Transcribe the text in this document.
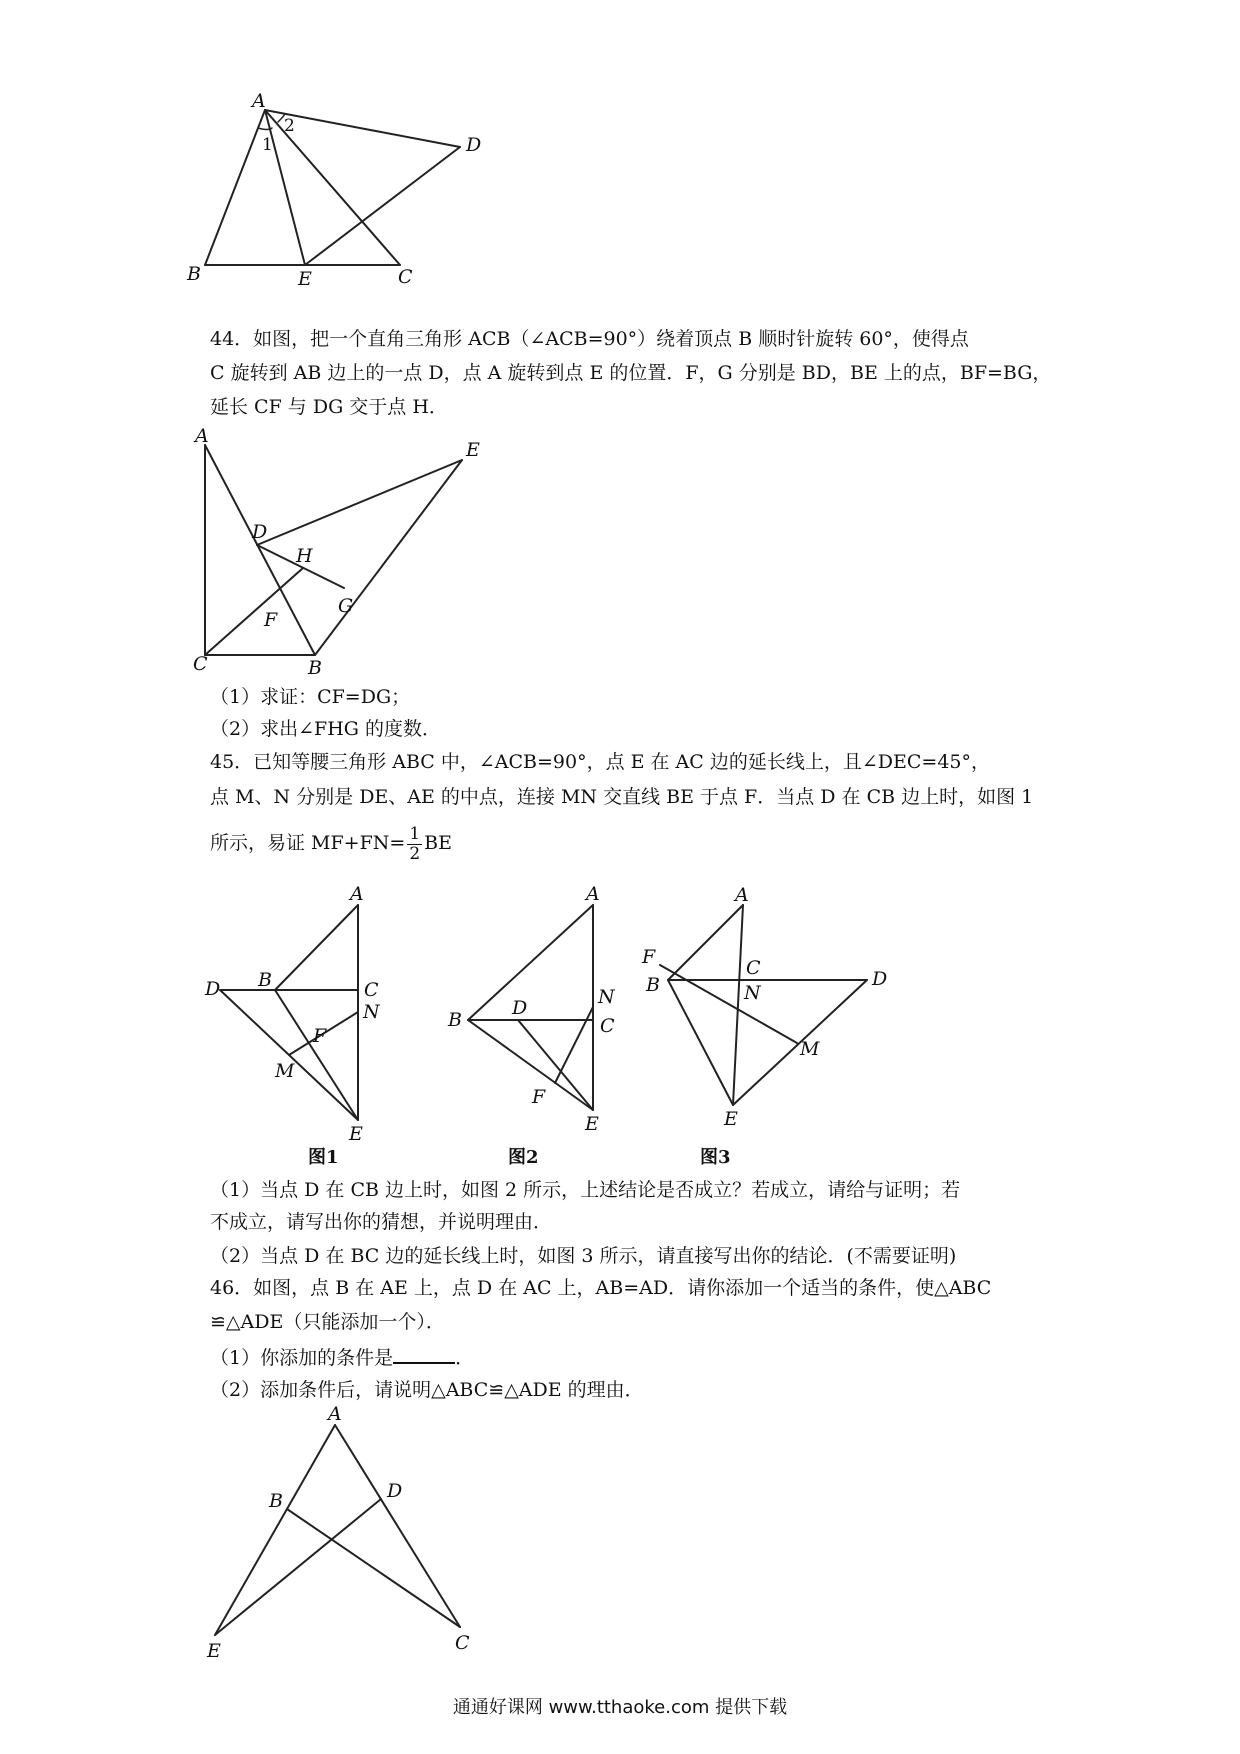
A
1
2
D
B	E	C
44．如图，把一个直角三角形 ACB（∠ACB=90°）绕着顶点 B 顺时针旋转 60°，使得点
C 旋转到 AB 边上的一点 D，点 A 旋转到点 E 的位置．F，G 分别是 BD，BE 上的点，BF=BG，
延长 CF 与 DG 交于点 H．
A
E
D
H
G
F
C	B
（1）求证：CF=DG；
（2）求出∠FHG 的度数．
45．已知等腰三角形 ABC 中，∠ACB=90°，点 E 在 AC 边的延长线上，且∠DEC=45°，
点 M、N 分别是 DE、AE 的中点，连接 MN 交直线 BE 于点 F．当点 D 在 CB 边上时，如图 1
所示，易证 $MF+FN= \frac{1}{2}$ BE
A
D B	C
N
F
M
E
图1
A
B
D	N
C
F
E
图2
A
F	C
B	N
D
M
E
图3
（1）当点 D 在 CB 边上时，如图 2 所示，上述结论是否成立？若成立，请给与证明；若
不成立，请写出你的猜想，并说明理由．
（2）当点 D 在 BC 边的延长线上时，如图 3 所示，请直接写出你的结论．(不需要证明)
46．如图，点 B 在 AE 上，点 D 在 AC 上，AB=AD．请你添加一个适当的条件，使△ABC
≌△ADE（只能添加一个）．
（1）你添加的条件是	．
（2）添加条件后，请说明△ABC≌△ADE 的理由．
A
B	D
E	C
通通好课网 www.tthaoke.com 提供下载
